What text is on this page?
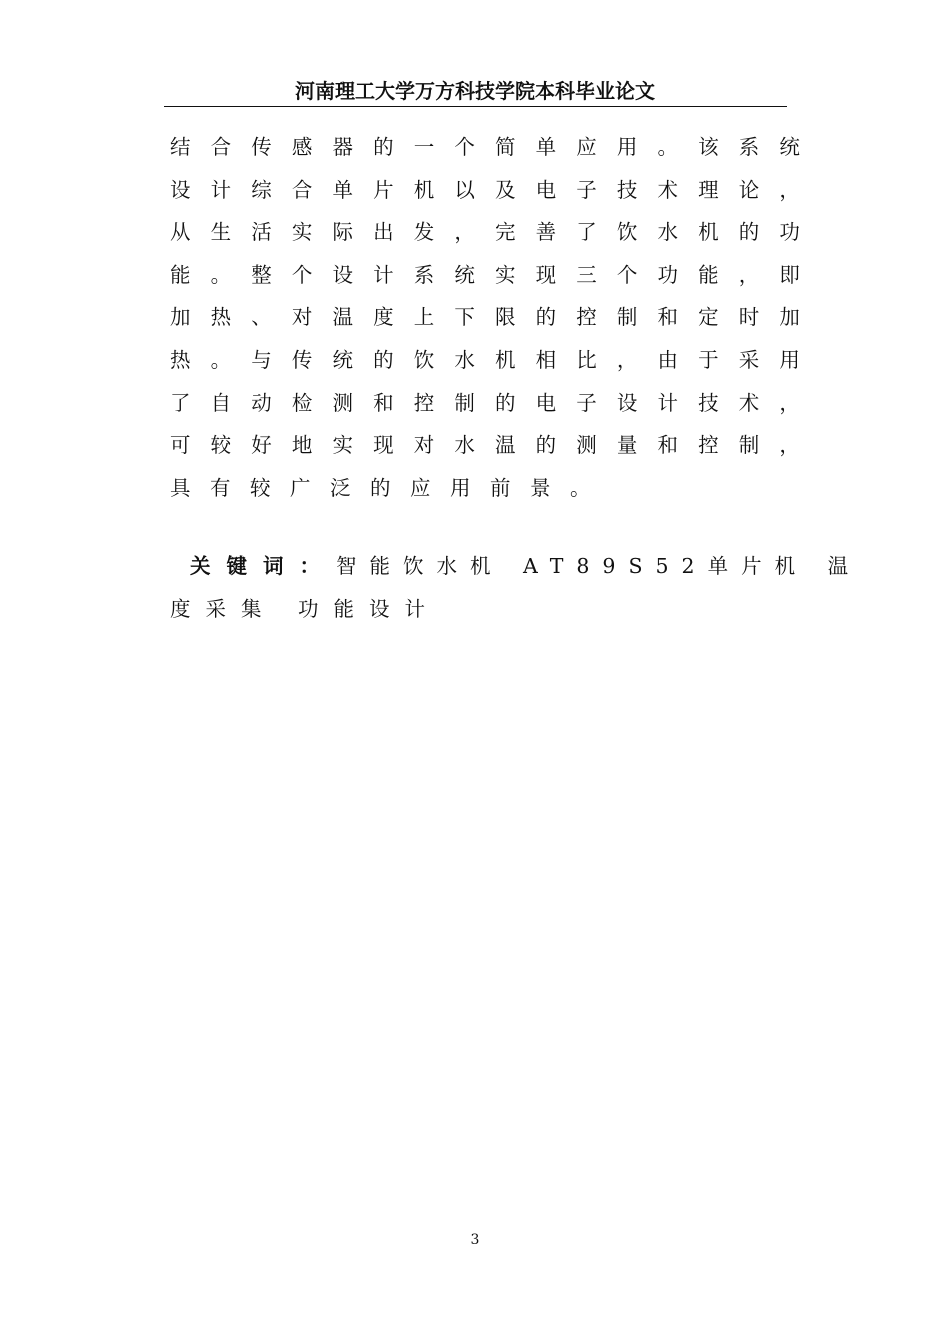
河南理工大学万方科技学院本科毕业论文
结 合 传 感 器 的 一 个 简 单 应 用 。 该 系 统
设 计 综 合 单 片 机 以 及 电 子 技 术 理 论 ，
从 生 活 实 际 出 发 ， 完 善 了 饮 水 机 的 功
能 。 整 个 设 计 系 统 实 现 三 个 功 能 ， 即
加 热 、 对 温 度 上 下 限 的 控 制 和 定 时 加
热 。 与 传 统 的 饮 水 机 相 比 ， 由 于 采 用
了 自 动 检 测 和 控 制 的 电 子 设 计 技 术 ，
可 较 好 地 实 现 对 水 温 的 测 量 和 控 制 ，
具有较广泛的应用前景。
关键词： 智能饮水机 AT89S52单片机 温
度采集 功能设计
3
